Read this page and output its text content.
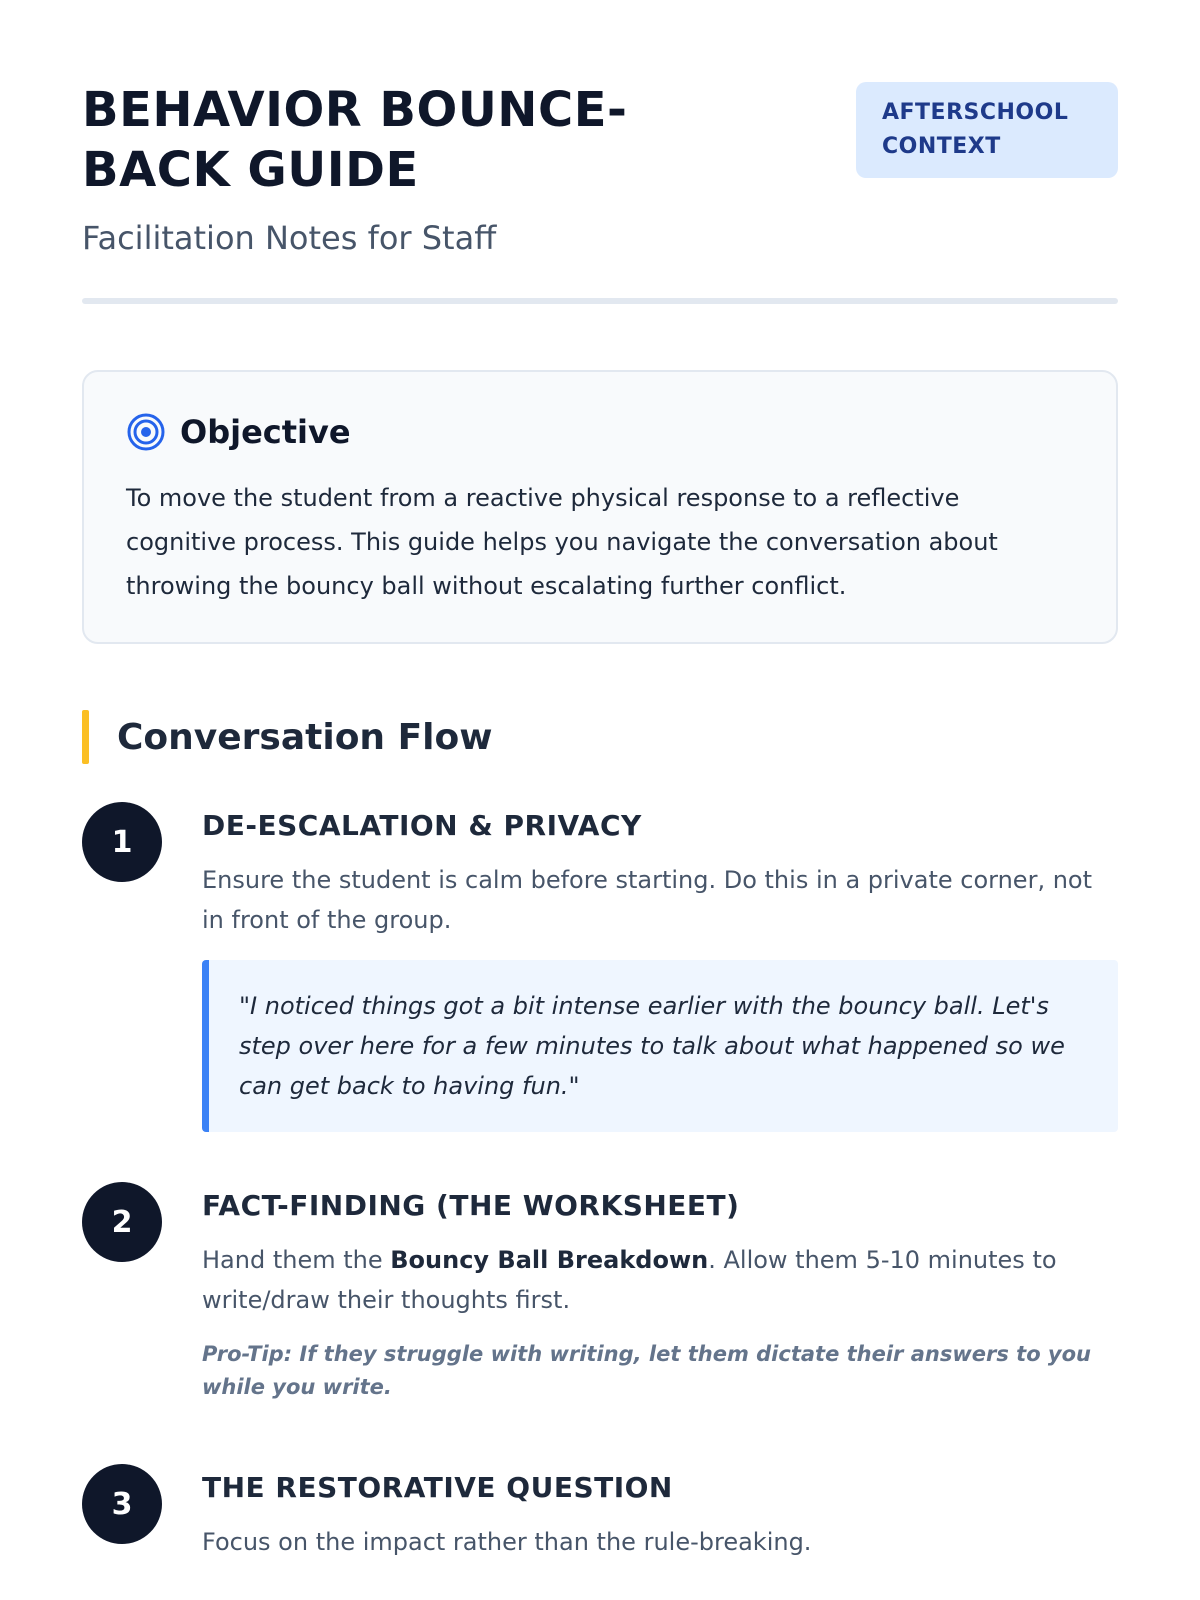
BEHAVIOR BOUNCE-BACK GUIDE

Facilitation Notes for Staff

AFTERSCHOOL CONTEXT
Objective

To move the student from a reactive physical response to a reflective cognitive process. This guide helps you navigate the conversation about throwing the bouncy ball without escalating further conflict.

Conversation Flow
1	DE-ESCALATION & PRIVACY

Ensure the student is calm before starting. Do this in a private corner, not in front of the group.

"I noticed things got a bit intense earlier with the bouncy ball. Let's step over here for a few minutes to talk about what happened so we can get back to having fun."
2	FACT-FINDING (THE WORKSHEET)

Hand them the Bouncy Ball Breakdown. Allow them 5-10 minutes to write/draw their thoughts first.

Pro-Tip: If they struggle with writing, let them dictate their answers to you while you write.

3	THE RESTORATIVE QUESTION

Focus on the impact rather than the rule-breaking.
